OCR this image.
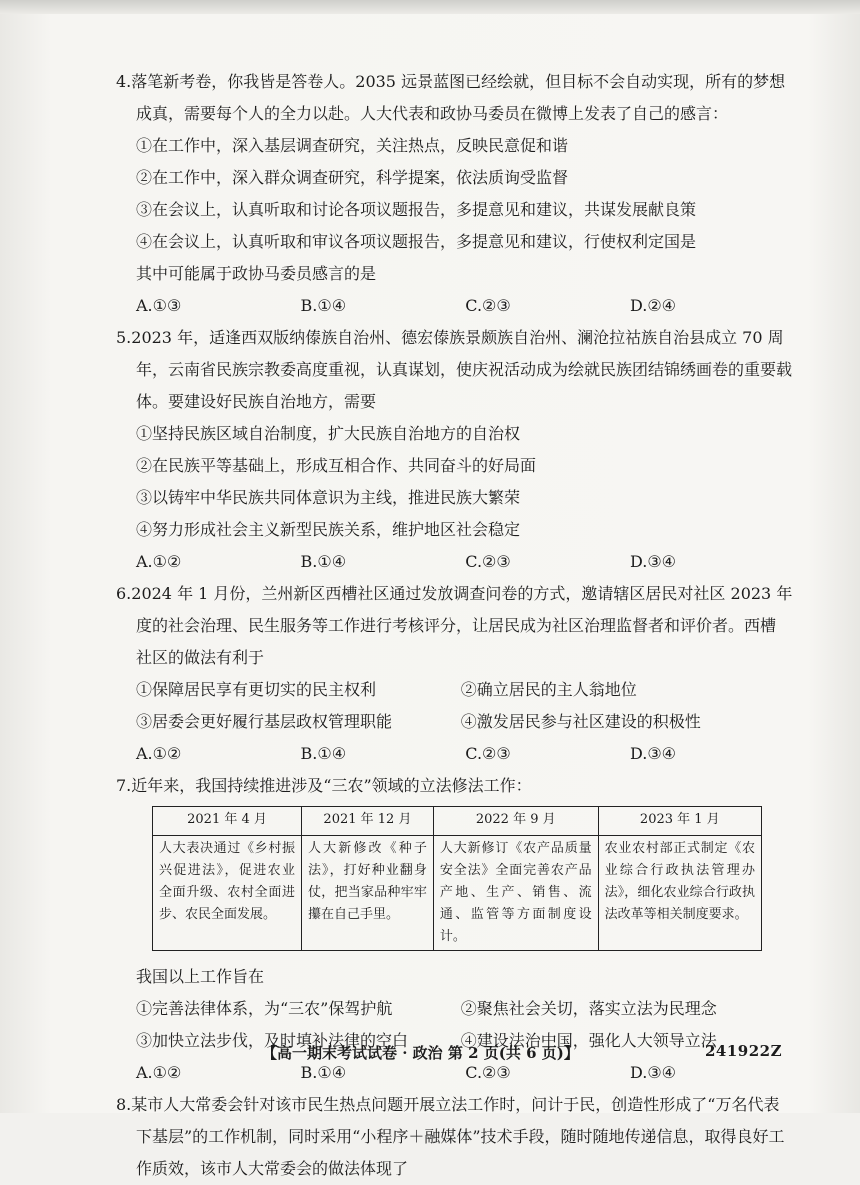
4.落笔新考卷，你我皆是答卷人。2035 远景蓝图已经绘就，但目标不会自动实现，所有的梦想
成真，需要每个人的全力以赴。人大代表和政协马委员在微博上发表了自己的感言：
①在工作中，深入基层调查研究，关注热点，反映民意促和谐
②在工作中，深入群众调查研究，科学提案，依法质询受监督
③在会议上，认真听取和讨论各项议题报告，多提意见和建议，共谋发展献良策
④在会议上，认真听取和审议各项议题报告，多提意见和建议，行使权利定国是
其中可能属于政协马委员感言的是
A.①③	B.①④	C.②③	D.②④
5.2023 年，适逢西双版纳傣族自治州、德宏傣族景颇族自治州、澜沧拉祜族自治县成立 70 周
年，云南省民族宗教委高度重视，认真谋划，使庆祝活动成为绘就民族团结锦绣画卷的重要载
体。要建设好民族自治地方，需要
①坚持民族区域自治制度，扩大民族自治地方的自治权
②在民族平等基础上，形成互相合作、共同奋斗的好局面
③以铸牢中华民族共同体意识为主线，推进民族大繁荣
④努力形成社会主义新型民族关系，维护地区社会稳定
A.①②	B.①④	C.②③	D.③④
6.2024 年 1 月份，兰州新区西槽社区通过发放调查问卷的方式，邀请辖区居民对社区 2023 年
度的社会治理、民生服务等工作进行考核评分，让居民成为社区治理监督者和评价者。西槽
社区的做法有利于
①保障居民享有更切实的民主权利	②确立居民的主人翁地位
③居委会更好履行基层政权管理职能	④激发居民参与社区建设的积极性
A.①②	B.①④	C.②③	D.③④
7.近年来，我国持续推进涉及“三农”领域的立法修法工作：
2021 年 4 月	2021 年 12 月	2022 年 9 月	2023 年 1 月
人大表决通过《乡村振兴促进法》，促进农业全面升级、农村全面进步、农民全面发展。	人大新修改《种子法》，打好种业翻身仗，把当家品种牢牢攥在自己手里。	人大新修订《农产品质量安全法》全面完善农产品产地、生产、销售、流通、监管等方面制度设计。	农业农村部正式制定《农业综合行政执法管理办法》，细化农业综合行政执法改革等相关制度要求。
我国以上工作旨在
①完善法律体系，为“三农”保驾护航	②聚焦社会关切，落实立法为民理念
③加快立法步伐，及时填补法律的空白	④建设法治中国，强化人大领导立法
A.①②	B.①④	C.②③	D.③④
8.某市人大常委会针对该市民生热点问题开展立法工作时，问计于民，创造性形成了“万名代表
下基层”的工作机制，同时采用“小程序＋融媒体”技术手段，随时随地传递信息，取得良好工
作质效，该市人大常委会的做法体现了
【高一期末考试试卷 · 政治 第 2 页(共 6 页)】	241922Z
